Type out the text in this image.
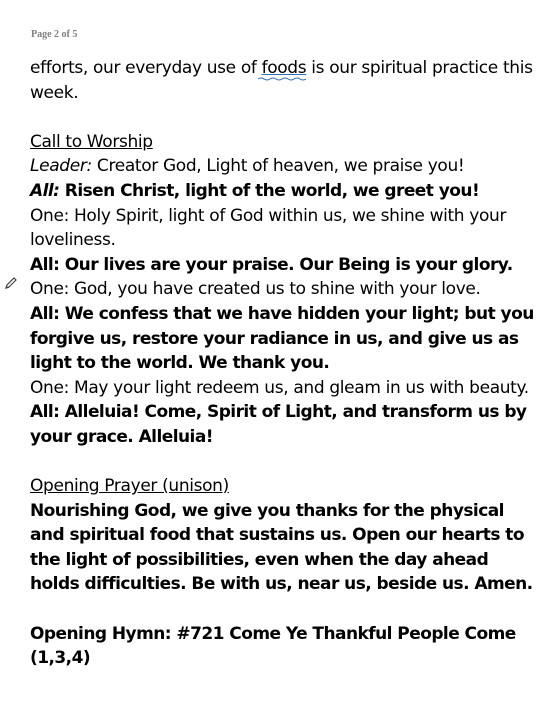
Page 2 of 5

efforts, our everyday use of foods is our spiritual practice this week.

Call to Worship

Leader: Creator God, Light of heaven, we praise you!

All: Risen Christ, light of the world, we greet you!

One: Holy Spirit, light of God within us, we shine with your loveliness.

All: Our lives are your praise. Our Being is your glory.

One: God, you have created us to shine with your love.

All: We confess that we have hidden your light; but you forgive us, restore your radiance in us, and give us as light to the world. We thank you.

One: May your light redeem us, and gleam in us with beauty.

All: Alleluia! Come, Spirit of Light, and transform us by your grace. Alleluia!

Opening Prayer (unison)

Nourishing God, we give you thanks for the physical and spiritual food that sustains us. Open our hearts to the light of possibilities, even when the day ahead holds difficulties. Be with us, near us, beside us. Amen.

Opening Hymn: #721 Come Ye Thankful People Come (1,3,4)
